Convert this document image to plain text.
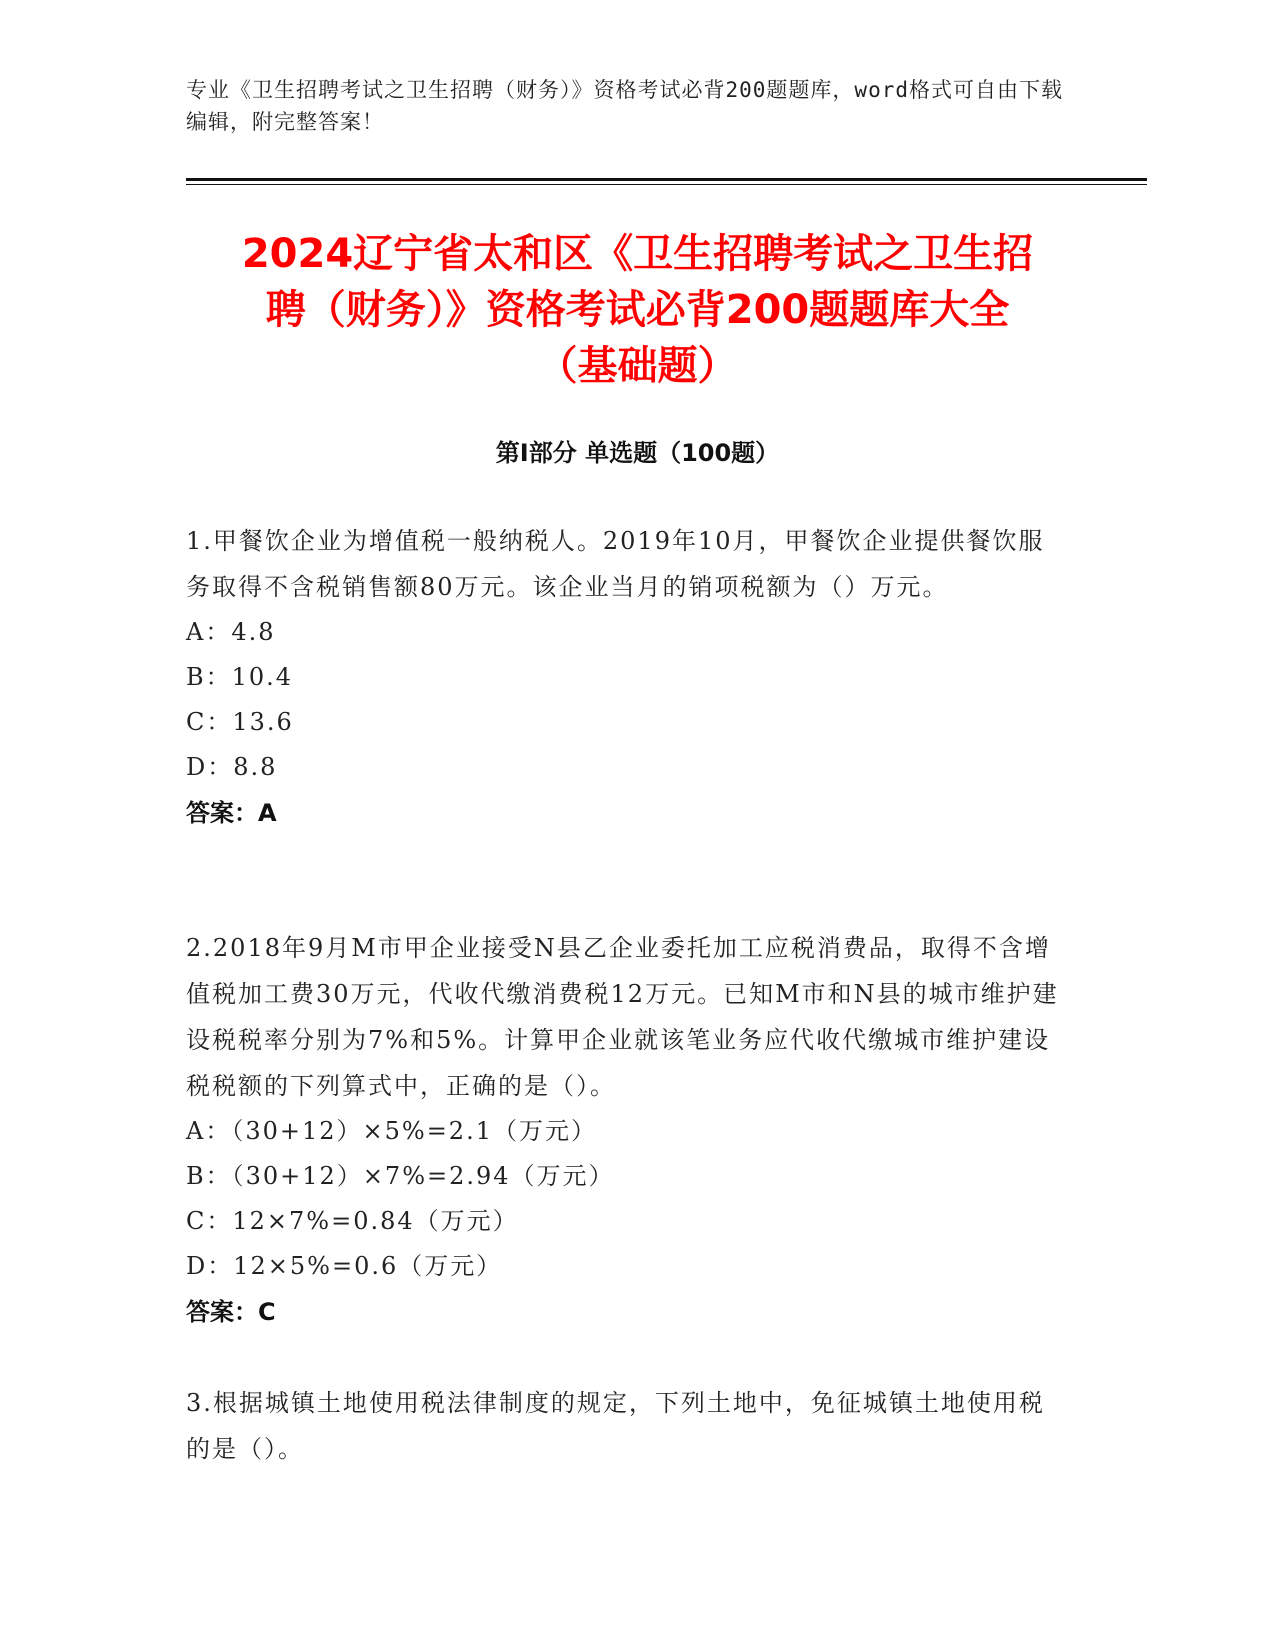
专业《卫生招聘考试之卫生招聘（财务）》资格考试必背200题题库，word格式可自由下载编辑，附完整答案！
2024辽宁省太和区《卫生招聘考试之卫生招
聘（财务）》资格考试必背200题题库大全
（基础题）
第Ⅰ部分 单选题（100题）
1.甲餐饮企业为增值税一般纳税人。2019年10月，甲餐饮企业提供餐饮服务取得不含税销售额80万元。该企业当月的销项税额为（）万元。
A：4.8
B：10.4
C：13.6
D：8.8
答案：A
2.2018年9月M市甲企业接受N县乙企业委托加工应税消费品，取得不含增值税加工费30万元，代收代缴消费税12万元。已知M市和N县的城市维护建设税税率分别为7%和5%。计算甲企业就该笔业务应代收代缴城市维护建设税税额的下列算式中，正确的是（）。
A：（30+12）×5%=2.1（万元）
B：（30+12）×7%=2.94（万元）
C：12×7%=0.84（万元）
D：12×5%=0.6（万元）
答案：C
3.根据城镇土地使用税法律制度的规定，下列土地中，免征城镇土地使用税的是（）。
